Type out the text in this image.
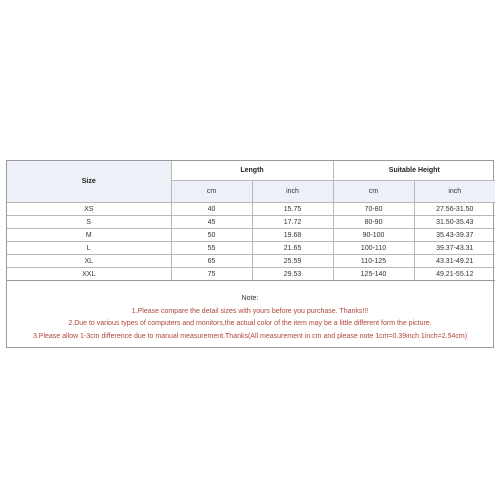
Size	Length		Suitable Height	
	cm	inch	cm	inch
XS	40	15.75	70-80	27.56-31.50
S	45	17.72	80-90	31.50-35.43
M	50	19.68	90-100	35.43-39.37
L	55	21.65	100-110	39.37-43.31
XL	65	25.59	110-125	43.31-49.21
XXL	75	29.53	125-140	49.21-55.12
Note:
1.Please compare the detail sizes with yours before you purchase. Thanks!!!
2.Due to various types of computers and monitors,the actual color of the item may be a little different form the picture.
3.Please allow 1-3cm difference due to manual measurement.Thanks(All measurement in cm and please note 1cm=0.39inch 1inch=2.54cm)
